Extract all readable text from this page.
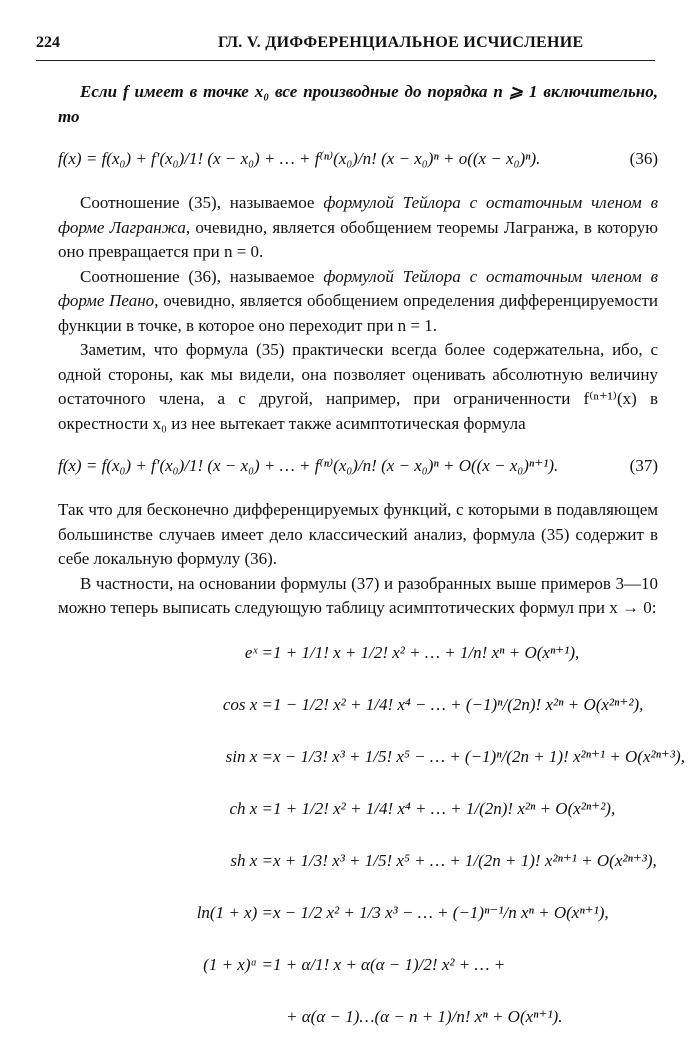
224	ГЛ. V. ДИФФЕРЕНЦИАЛЬНОЕ ИСЧИСЛЕНИЕ

Если f имеет в точке x₀ все производные до порядка n ⩾ 1 включительно, то

f(x) = f(x₀) + f′(x₀)/1! (x − x₀) + … + f⁽ⁿ⁾(x₀)/n! (x − x₀)ⁿ + o((x − x₀)ⁿ).	(36)

Соотношение (35), называемое формулой Тейлора с остаточным членом в форме Лагранжа, очевидно, является обобщением теоремы Лагранжа, в которую оно превращается при n = 0.

Соотношение (36), называемое формулой Тейлора с остаточным членом в форме Пеано, очевидно, является обобщением определения дифференцируемости функции в точке, в которое оно переходит при n = 1.

Заметим, что формула (35) практически всегда более содержательна, ибо, с одной стороны, как мы видели, она позволяет оценивать абсолютную величину остаточного члена, а с другой, например, при ограниченности f⁽ⁿ⁺¹⁾(x) в окрестности x₀ из нее вытекает также асимптотическая формула

f(x) = f(x₀) + f′(x₀)/1! (x − x₀) + … + f⁽ⁿ⁾(x₀)/n! (x − x₀)ⁿ + O((x − x₀)ⁿ⁺¹).	(37)

Так что для бесконечно дифференцируемых функций, с которыми в подавляющем большинстве случаев имеет дело классический анализ, формула (35) содержит в себе локальную формулу (36).

В частности, на основании формулы (37) и разобранных выше примеров 3—10 можно теперь выписать следующую таблицу асимптотических формул при x → 0:

eˣ = 1 + 1/1! x + 1/2! x² + … + 1/n! xⁿ + O(xⁿ⁺¹),
cos x = 1 − 1/2! x² + 1/4! x⁴ − … + (−1)ⁿ/(2n)! x²ⁿ + O(x²ⁿ⁺²),
sin x = x − 1/3! x³ + 1/5! x⁵ − … + (−1)ⁿ/(2n + 1)! x²ⁿ⁺¹ + O(x²ⁿ⁺³),
ch x = 1 + 1/2! x² + 1/4! x⁴ + … + 1/(2n)! x²ⁿ + O(x²ⁿ⁺²),
sh x = x + 1/3! x³ + 1/5! x⁵ + … + 1/(2n + 1)! x²ⁿ⁺¹ + O(x²ⁿ⁺³),
ln(1 + x) = x − 1/2 x² + 1/3 x³ − … + (−1)ⁿ⁻¹/n xⁿ + O(xⁿ⁺¹),
(1 + x)ᵅ = 1 + α/1! x + α(α − 1)/2! x² + … +
+ α(α − 1)…(α − n + 1)/n! xⁿ + O(xⁿ⁺¹).
